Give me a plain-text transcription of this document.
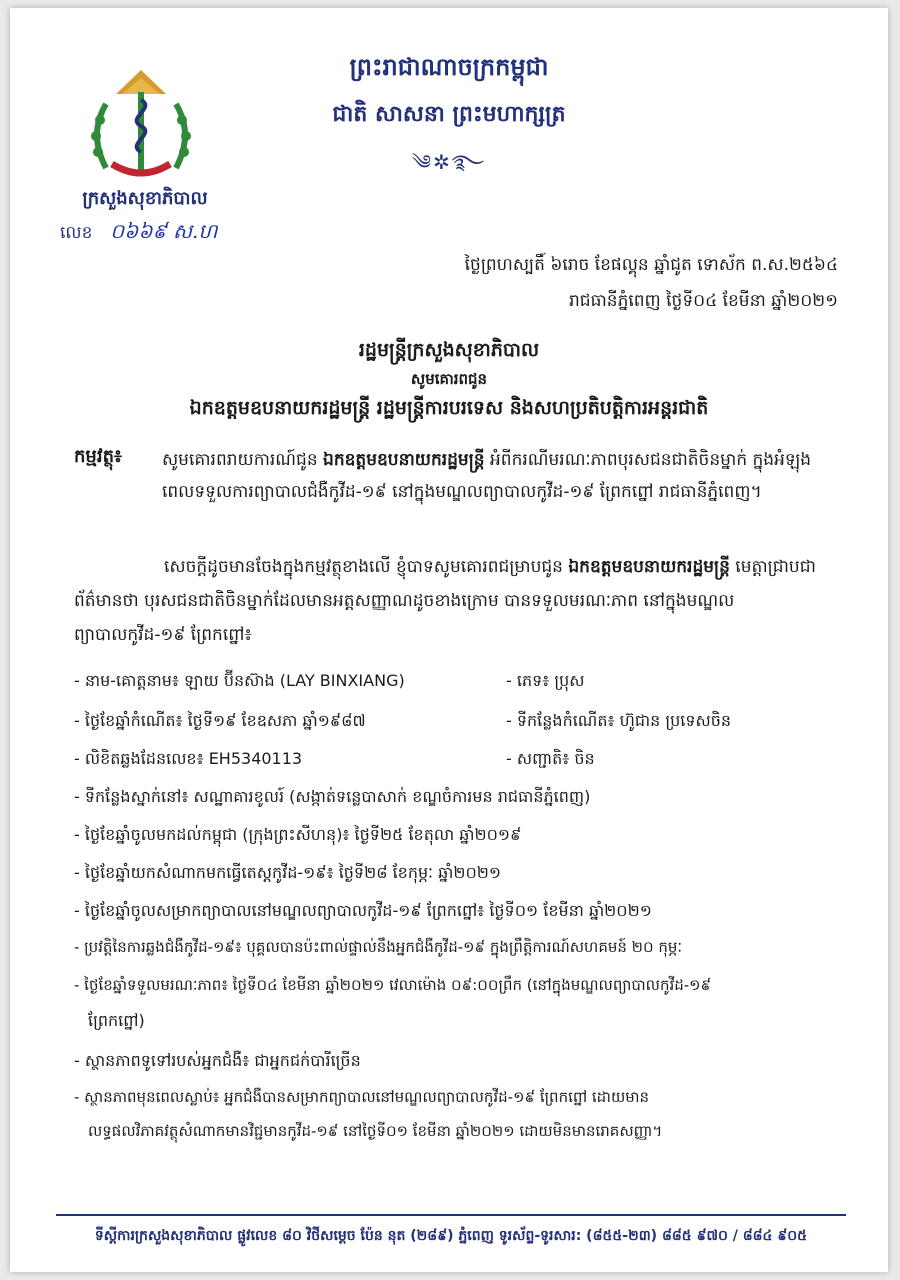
ព្រះរាជាណាចក្រកម្ពុជា
ជាតិ សាសនា ព្រះមហាក្សត្រ
༄✲࿐
ក្រសួងសុខាភិបាល
លេខ ០៦៦៩ ស.ហ
ថ្ងៃព្រហស្បតិ៍ ៦រោច ខែផល្គុន ឆ្នាំជូត ទោស័ក ព.ស.២៥៦៤
រាជធានីភ្នំពេញ ថ្ងៃទី០៤ ខែមីនា ឆ្នាំ២០២១
រដ្ឋមន្ត្រីក្រសួងសុខាភិបាល
សូមគោរពជូន
ឯកឧត្តមឧបនាយករដ្ឋមន្ត្រី រដ្ឋមន្ត្រីការបរទេស និងសហប្រតិបត្តិការអន្តរជាតិ
កម្មវត្ថុ៖ សូមគោរពរាយការណ៍ជូន ឯកឧត្តមឧបនាយករដ្ឋមន្ត្រី អំពីករណីមរណៈភាពបុរសជនជាតិចិនម្នាក់ ក្នុងអំឡុងពេលទទួលការព្យាបាលជំងឺកូវីដ-១៩ នៅក្នុងមណ្ឌលព្យាបាលកូវីដ-១៩ ព្រែកព្នៅ រាជធានីភ្នំពេញ។
សេចក្តីដូចមានចែងក្នុងកម្មវត្ថុខាងលើ ខ្ញុំបាទសូមគោរពជម្រាបជូន ឯកឧត្តមឧបនាយករដ្ឋមន្ត្រី មេត្តាជ្រាបជាព័ត៌មានថា បុរសជនជាតិចិនម្នាក់ដែលមានអត្តសញ្ញាណដូចខាងក្រោម បានទទួលមរណៈភាព នៅក្នុងមណ្ឌលព្យាបាលកូវីដ-១៩ ព្រែកព្នៅ៖
- នាម-គោត្តនាម៖ ឡាយ ប៊ីនស៊ាង (LAY BINXIANG)	- ភេទ៖ ប្រុស
- ថ្ងៃខែឆ្នាំកំណើត៖ ថ្ងៃទី១៩ ខែឧសភា ឆ្នាំ១៩៨៧	- ទីកន្លែងកំណើត៖ ហ៊ូជាន ប្រទេសចិន
- លិខិតឆ្លងដែនលេខ៖ EH5340113	- សញ្ជាតិ៖ ចិន
- ទីកន្លែងស្នាក់នៅ៖ សណ្ឋាគារខូលរ៍ (សង្កាត់ទន្លេបាសាក់ ខណ្ឌចំការមន រាជធានីភ្នំពេញ)
- ថ្ងៃខែឆ្នាំចូលមកដល់កម្ពុជា (ក្រុងព្រះសីហនុ)៖ ថ្ងៃទី២៥ ខែតុលា ឆ្នាំ២០១៩
- ថ្ងៃខែឆ្នាំយកសំណាកមកធ្វើតេស្តកូវីដ-១៩៖ ថ្ងៃទី២៨ ខែកុម្ភៈ ឆ្នាំ២០២១
- ថ្ងៃខែឆ្នាំចូលសម្រាកព្យាបាលនៅមណ្ឌលព្យាបាលកូវីដ-១៩ ព្រែកព្នៅ៖ ថ្ងៃទី០១ ខែមីនា ឆ្នាំ២០២១
- ប្រវត្តិនៃការឆ្លងជំងឺកូវីដ-១៩៖ បុគ្គលបានប៉ះពាល់ផ្ទាល់នឹងអ្នកជំងឺកូវីដ-១៩ ក្នុងព្រឹត្តិការណ៍សហគមន៍ ២០ កុម្ភៈ
- ថ្ងៃខែឆ្នាំទទួលមរណៈភាព៖ ថ្ងៃទី០៤ ខែមីនា ឆ្នាំ២០២១ វេលាម៉ោង ០៩:០០ព្រឹក (នៅក្នុងមណ្ឌលព្យាបាលកូវីដ-១៩
ព្រែកព្នៅ)
- ស្ថានភាពទូទៅរបស់អ្នកជំងឺ៖ ជាអ្នកជក់បារីច្រើន
- ស្ថានភាពមុនពេលស្លាប់៖ អ្នកជំងឺបានសម្រាកព្យាបាលនៅមណ្ឌលព្យាបាលកូវីដ-១៩ ព្រែកព្នៅ ដោយមាន
លទ្ធផលវិភាគវត្ថុសំណាកមានវិជ្ជមានកូវីដ-១៩ នៅថ្ងៃទី០១ ខែមីនា ឆ្នាំ២០២១ ដោយមិនមានរោគសញ្ញា។
ទីស្តីការក្រសួងសុខាភិបាល ផ្លូវលេខ ៨០ វិថីសម្តេច ប៉ែន នុត (២៨៩) ភ្នំពេញ ទូរស័ព្ទ-ទូរសារ: (៨៥៥-២៣) ៨៨៥ ៩៧០ / ៨៨៤ ៩០៥
